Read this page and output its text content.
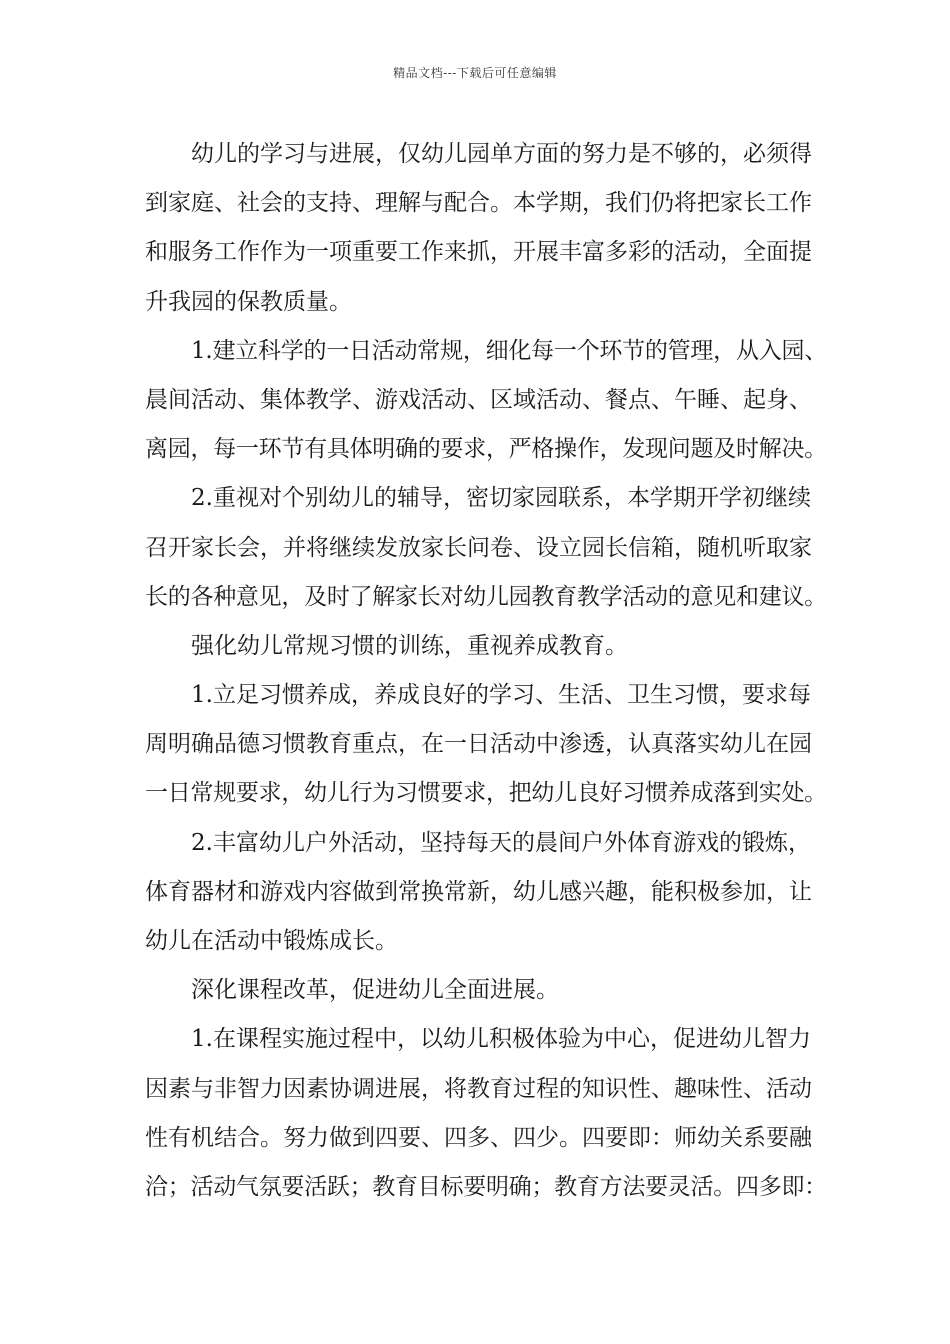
精品文档---下载后可任意编辑
幼儿的学习与进展，仅幼儿园单方面的努力是不够的，必须得
到家庭、社会的支持、理解与配合。本学期，我们仍将把家长工作
和服务工作作为一项重要工作来抓，开展丰富多彩的活动，全面提
升我园的保教质量。
1.建立科学的一日活动常规，细化每一个环节的管理，从入园、
晨间活动、集体教学、游戏活动、区域活动、餐点、午睡、起身、
离园，每一环节有具体明确的要求，严格操作，发现问题及时解决。
2.重视对个别幼儿的辅导，密切家园联系，本学期开学初继续
召开家长会，并将继续发放家长问卷、设立园长信箱，随机听取家
长的各种意见，及时了解家长对幼儿园教育教学活动的意见和建议。
强化幼儿常规习惯的训练，重视养成教育。
1.立足习惯养成，养成良好的学习、生活、卫生习惯，要求每
周明确品德习惯教育重点，在一日活动中渗透，认真落实幼儿在园
一日常规要求，幼儿行为习惯要求，把幼儿良好习惯养成落到实处。
2.丰富幼儿户外活动，坚持每天的晨间户外体育游戏的锻炼，
体育器材和游戏内容做到常换常新，幼儿感兴趣，能积极参加，让
幼儿在活动中锻炼成长。
深化课程改革，促进幼儿全面进展。
1.在课程实施过程中，以幼儿积极体验为中心，促进幼儿智力
因素与非智力因素协调进展，将教育过程的知识性、趣味性、活动
性有机结合。努力做到四要、四多、四少。四要即：师幼关系要融
洽；活动气氛要活跃；教育目标要明确；教育方法要灵活。四多即：
